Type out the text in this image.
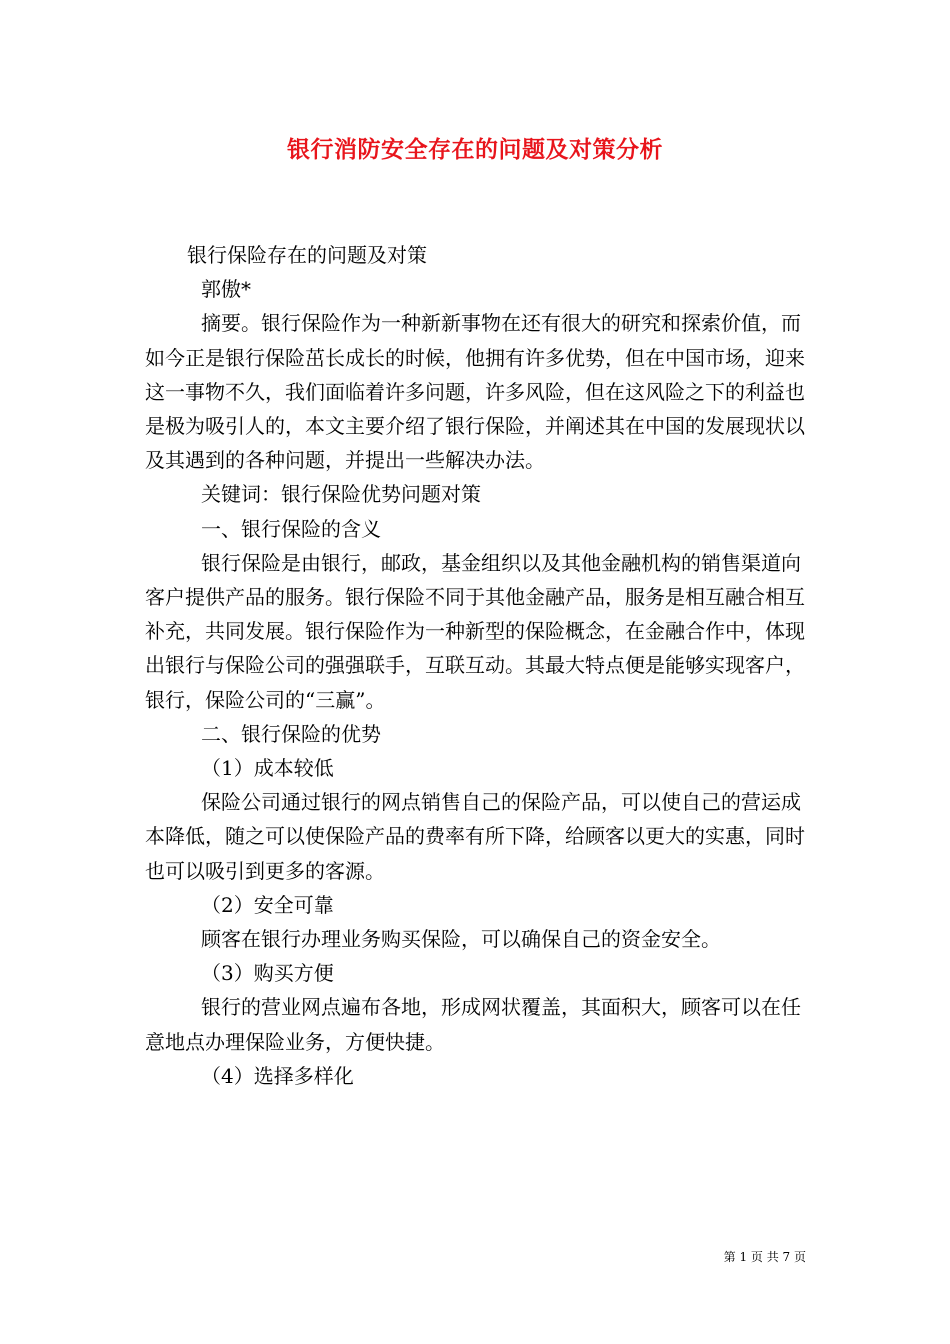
银行消防安全存在的问题及对策分析

银行保险存在的问题及对策

郭傲*

摘要。银行保险作为一种新新事物在还有很大的研究和探索价值，而如今正是银行保险茁长成长的时候，他拥有许多优势，但在中国市场，迎来这一事物不久，我们面临着许多问题，许多风险，但在这风险之下的利益也是极为吸引人的，本文主要介绍了银行保险，并阐述其在中国的发展现状以及其遇到的各种问题，并提出一些解决办法。

关键词：银行保险优势问题对策

一、银行保险的含义

银行保险是由银行，邮政，基金组织以及其他金融机构的销售渠道向客户提供产品的服务。银行保险不同于其他金融产品，服务是相互融合相互补充，共同发展。银行保险作为一种新型的保险概念，在金融合作中，体现出银行与保险公司的强强联手，互联互动。其最大特点便是能够实现客户，银行，保险公司的“三赢”。

二、银行保险的优势

（1）成本较低

保险公司通过银行的网点销售自己的保险产品，可以使自己的营运成本降低，随之可以使保险产品的费率有所下降，给顾客以更大的实惠，同时也可以吸引到更多的客源。

（2）安全可靠

顾客在银行办理业务购买保险，可以确保自己的资金安全。

（3）购买方便

银行的营业网点遍布各地，形成网状覆盖，其面积大，顾客可以在任意地点办理保险业务，方便快捷。

（4）选择多样化

第 1 页 共 7 页
